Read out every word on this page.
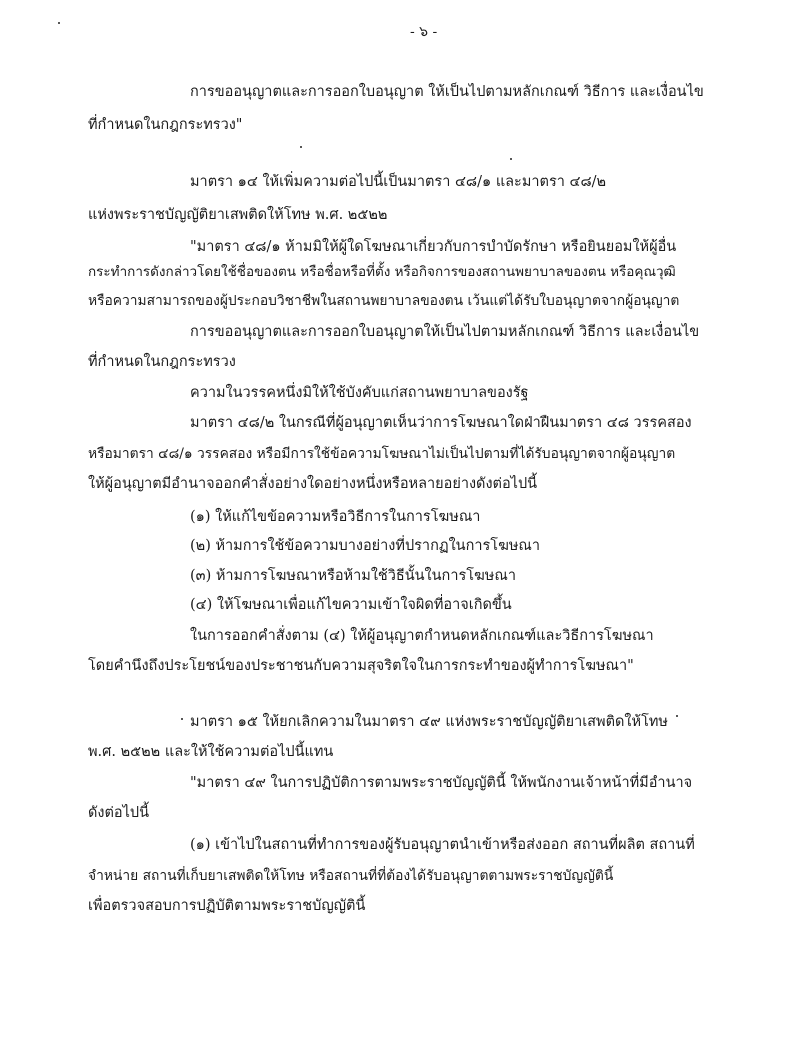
- ๖ -
การขออนุญาตและการออกใบอนุญาต ให้เป็นไปตามหลักเกณฑ์ วิธีการ และเงื่อนไข
ที่กำหนดในกฎกระทรวง"
มาตรา ๑๔ ให้เพิ่มความต่อไปนี้เป็นมาตรา ๔๘/๑ และมาตรา ๔๘/๒
แห่งพระราชบัญญัติยาเสพติดให้โทษ พ.ศ. ๒๕๒๒
"มาตรา ๔๘/๑ ห้ามมิให้ผู้ใดโฆษณาเกี่ยวกับการบำบัดรักษา หรือยินยอมให้ผู้อื่น
กระทำการดังกล่าวโดยใช้ชื่อของตน หรือชื่อหรือที่ตั้ง หรือกิจการของสถานพยาบาลของตน หรือคุณวุฒิ
หรือความสามารถของผู้ประกอบวิชาชีพในสถานพยาบาลของตน เว้นแต่ได้รับใบอนุญาตจากผู้อนุญาต
การขออนุญาตและการออกใบอนุญาตให้เป็นไปตามหลักเกณฑ์ วิธีการ และเงื่อนไข
ที่กำหนดในกฎกระทรวง
ความในวรรคหนึ่งมิให้ใช้บังคับแก่สถานพยาบาลของรัฐ
มาตรา ๔๘/๒ ในกรณีที่ผู้อนุญาตเห็นว่าการโฆษณาใดฝ่าฝืนมาตรา ๔๘ วรรคสอง
หรือมาตรา ๔๘/๑ วรรคสอง หรือมีการใช้ข้อความโฆษณาไม่เป็นไปตามที่ได้รับอนุญาตจากผู้อนุญาต
ให้ผู้อนุญาตมีอำนาจออกคำสั่งอย่างใดอย่างหนึ่งหรือหลายอย่างดังต่อไปนี้
(๑) ให้แก้ไขข้อความหรือวิธีการในการโฆษณา
(๒) ห้ามการใช้ข้อความบางอย่างที่ปรากฏในการโฆษณา
(๓) ห้ามการโฆษณาหรือห้ามใช้วิธีนั้นในการโฆษณา
(๔) ให้โฆษณาเพื่อแก้ไขความเข้าใจผิดที่อาจเกิดขึ้น
ในการออกคำสั่งตาม (๔) ให้ผู้อนุญาตกำหนดหลักเกณฑ์และวิธีการโฆษณา
โดยคำนึงถึงประโยชน์ของประชาชนกับความสุจริตใจในการกระทำของผู้ทำการโฆษณา"
มาตรา ๑๕ ให้ยกเลิกความในมาตรา ๔๙ แห่งพระราชบัญญัติยาเสพติดให้โทษ
พ.ศ. ๒๕๒๒ และให้ใช้ความต่อไปนี้แทน
"มาตรา ๔๙ ในการปฏิบัติการตามพระราชบัญญัตินี้ ให้พนักงานเจ้าหน้าที่มีอำนาจ
ดังต่อไปนี้
(๑) เข้าไปในสถานที่ทำการของผู้รับอนุญาตนำเข้าหรือส่งออก สถานที่ผลิต สถานที่
จำหน่าย สถานที่เก็บยาเสพติดให้โทษ หรือสถานที่ที่ต้องได้รับอนุญาตตามพระราชบัญญัตินี้
เพื่อตรวจสอบการปฏิบัติตามพระราชบัญญัตินี้
